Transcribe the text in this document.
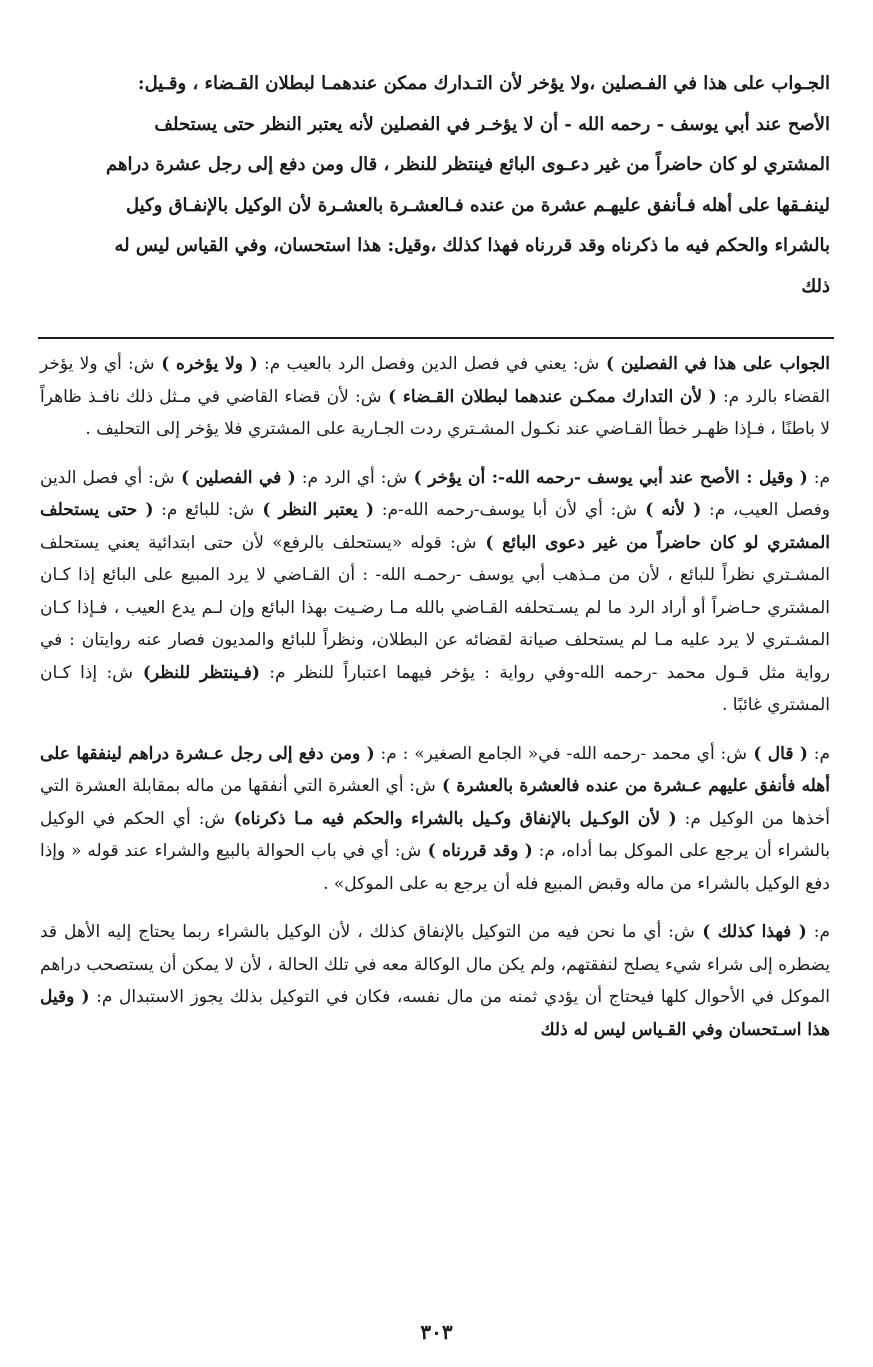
الجـواب على هذا في الفـصلين ،ولا يؤخر لأن التـدارك ممكن عندهمـا لبطلان القـضاء ، وقـيل:
الأصح عند أبي يوسف - رحمه الله - أن لا يؤخـر في الفصلين لأنه يعتبر النظر حتى يستحلف
المشتري لو كان حاضراً من غير دعـوى البائع فينتظر للنظر ، قال ومن دفع إلى رجل عشرة دراهم
لينفـقها على أهله فـأنفق عليهـم عشرة من عنده فـالعشـرة بالعشـرة لأن الوكيل بالإنفـاق وكيل
بالشراء والحكم فيه ما ذكرناه وقد قررناه فهذا كذلك ،وقيل: هذا استحسان، وفي القياس ليس له
ذلك

الجواب على هذا في الفصلين ) ش: يعني في فصل الدين وفصل الرد بالعيب م: ( ولا يؤخره ) ش: أي ولا يؤخر القضاء بالرد م: ( لأن التدارك ممكـن عندهما لبطلان القـضاء ) ش: لأن قضاء القاضي في مـثل ذلك نافـذ ظاهراً لا باطنًا ، فـإذا ظهـر خطأ القـاضي عند نكـول المشـتري ردت الجـارية على المشتري فلا يؤخر إلى التحليف .

م: ( وقيل : الأصح عند أبي يوسف -رحمه الله-: أن يؤخر ) ش: أي الرد م: ( في الفصلين ) ش: أي فصل الدين وفصل العيب، م: ( لأنه ) ش: أي لأن أبا يوسف-رحمه الله-م: ( يعتبر النظر ) ش: للبائع م: ( حتى يستحلف المشتري لو كان حاضراً من غير دعوى البائع ) ش: قوله «يستحلف بالرفع» لأن حتى ابتدائية يعني يستحلف المشـتري نظراً للبائع ، لأن من مـذهب أبي يوسف -رحمـه الله- : أن القـاضي لا يرد المبيع على البائع إذا كـان المشتري حـاضراً أو أراد الرد ما لم يسـتحلفه القـاضي بالله مـا رضـيت بهذا البائع وإن لـم يدع العيب ، فـإذا كـان المشـتري لا يرد عليه مـا لم يستحلف صيانة لقضائه عن البطلان، ونظراً للبائع والمديون فصار عنه روايتان : في رواية مثل قـول محمد -رحمه الله-وفي رواية : يؤخر فيهما اعتباراً للنظر م: (فـينتظر للنظر) ش: إذا كـان المشتري غائبًا .

م: ( قال ) ش: أي محمد -رحمه الله- في« الجامع الصغير» : م: ( ومن دفع إلى رجل عـشرة دراهم لينفقها على أهله فأنفق عليهم عـشرة من عنده فالعشرة بالعشرة ) ش: أي العشرة التي أنفقها من ماله بمقابلة العشرة التي أخذها من الوكيل م: ( لأن الوكـيل بالإنفاق وكـيل بالشراء والحكم فيه مـا ذكرناه) ش: أي الحكم في الوكيل بالشراء أن يرجع على الموكل بما أداه، م: ( وقد قررناه ) ش: أي في باب الحوالة بالبيع والشراء عند قوله « وإذا دفع الوكيل بالشراء من ماله وقبض المبيع فله أن يرجع به على الموكل» .

م: ( فهذا كذلك ) ش: أي ما نحن فيه من التوكيل بالإنفاق كذلك ، لأن الوكيل بالشراء ربما يحتاج إليه الأهل قد يضطره إلى شراء شيء يصلح لنفقتهم، ولم يكن مال الوكالة معه في تلك الحالة ، لأن لا يمكن أن يستصحب دراهم الموكل في الأحوال كلها فيحتاج أن يؤدي ثمنه من مال نفسه، فكان في التوكيل بذلك يجوز الاستبدال م: ( وقيل هذا اسـتحسان وفي القـياس ليس له ذلك

٣٠٣
